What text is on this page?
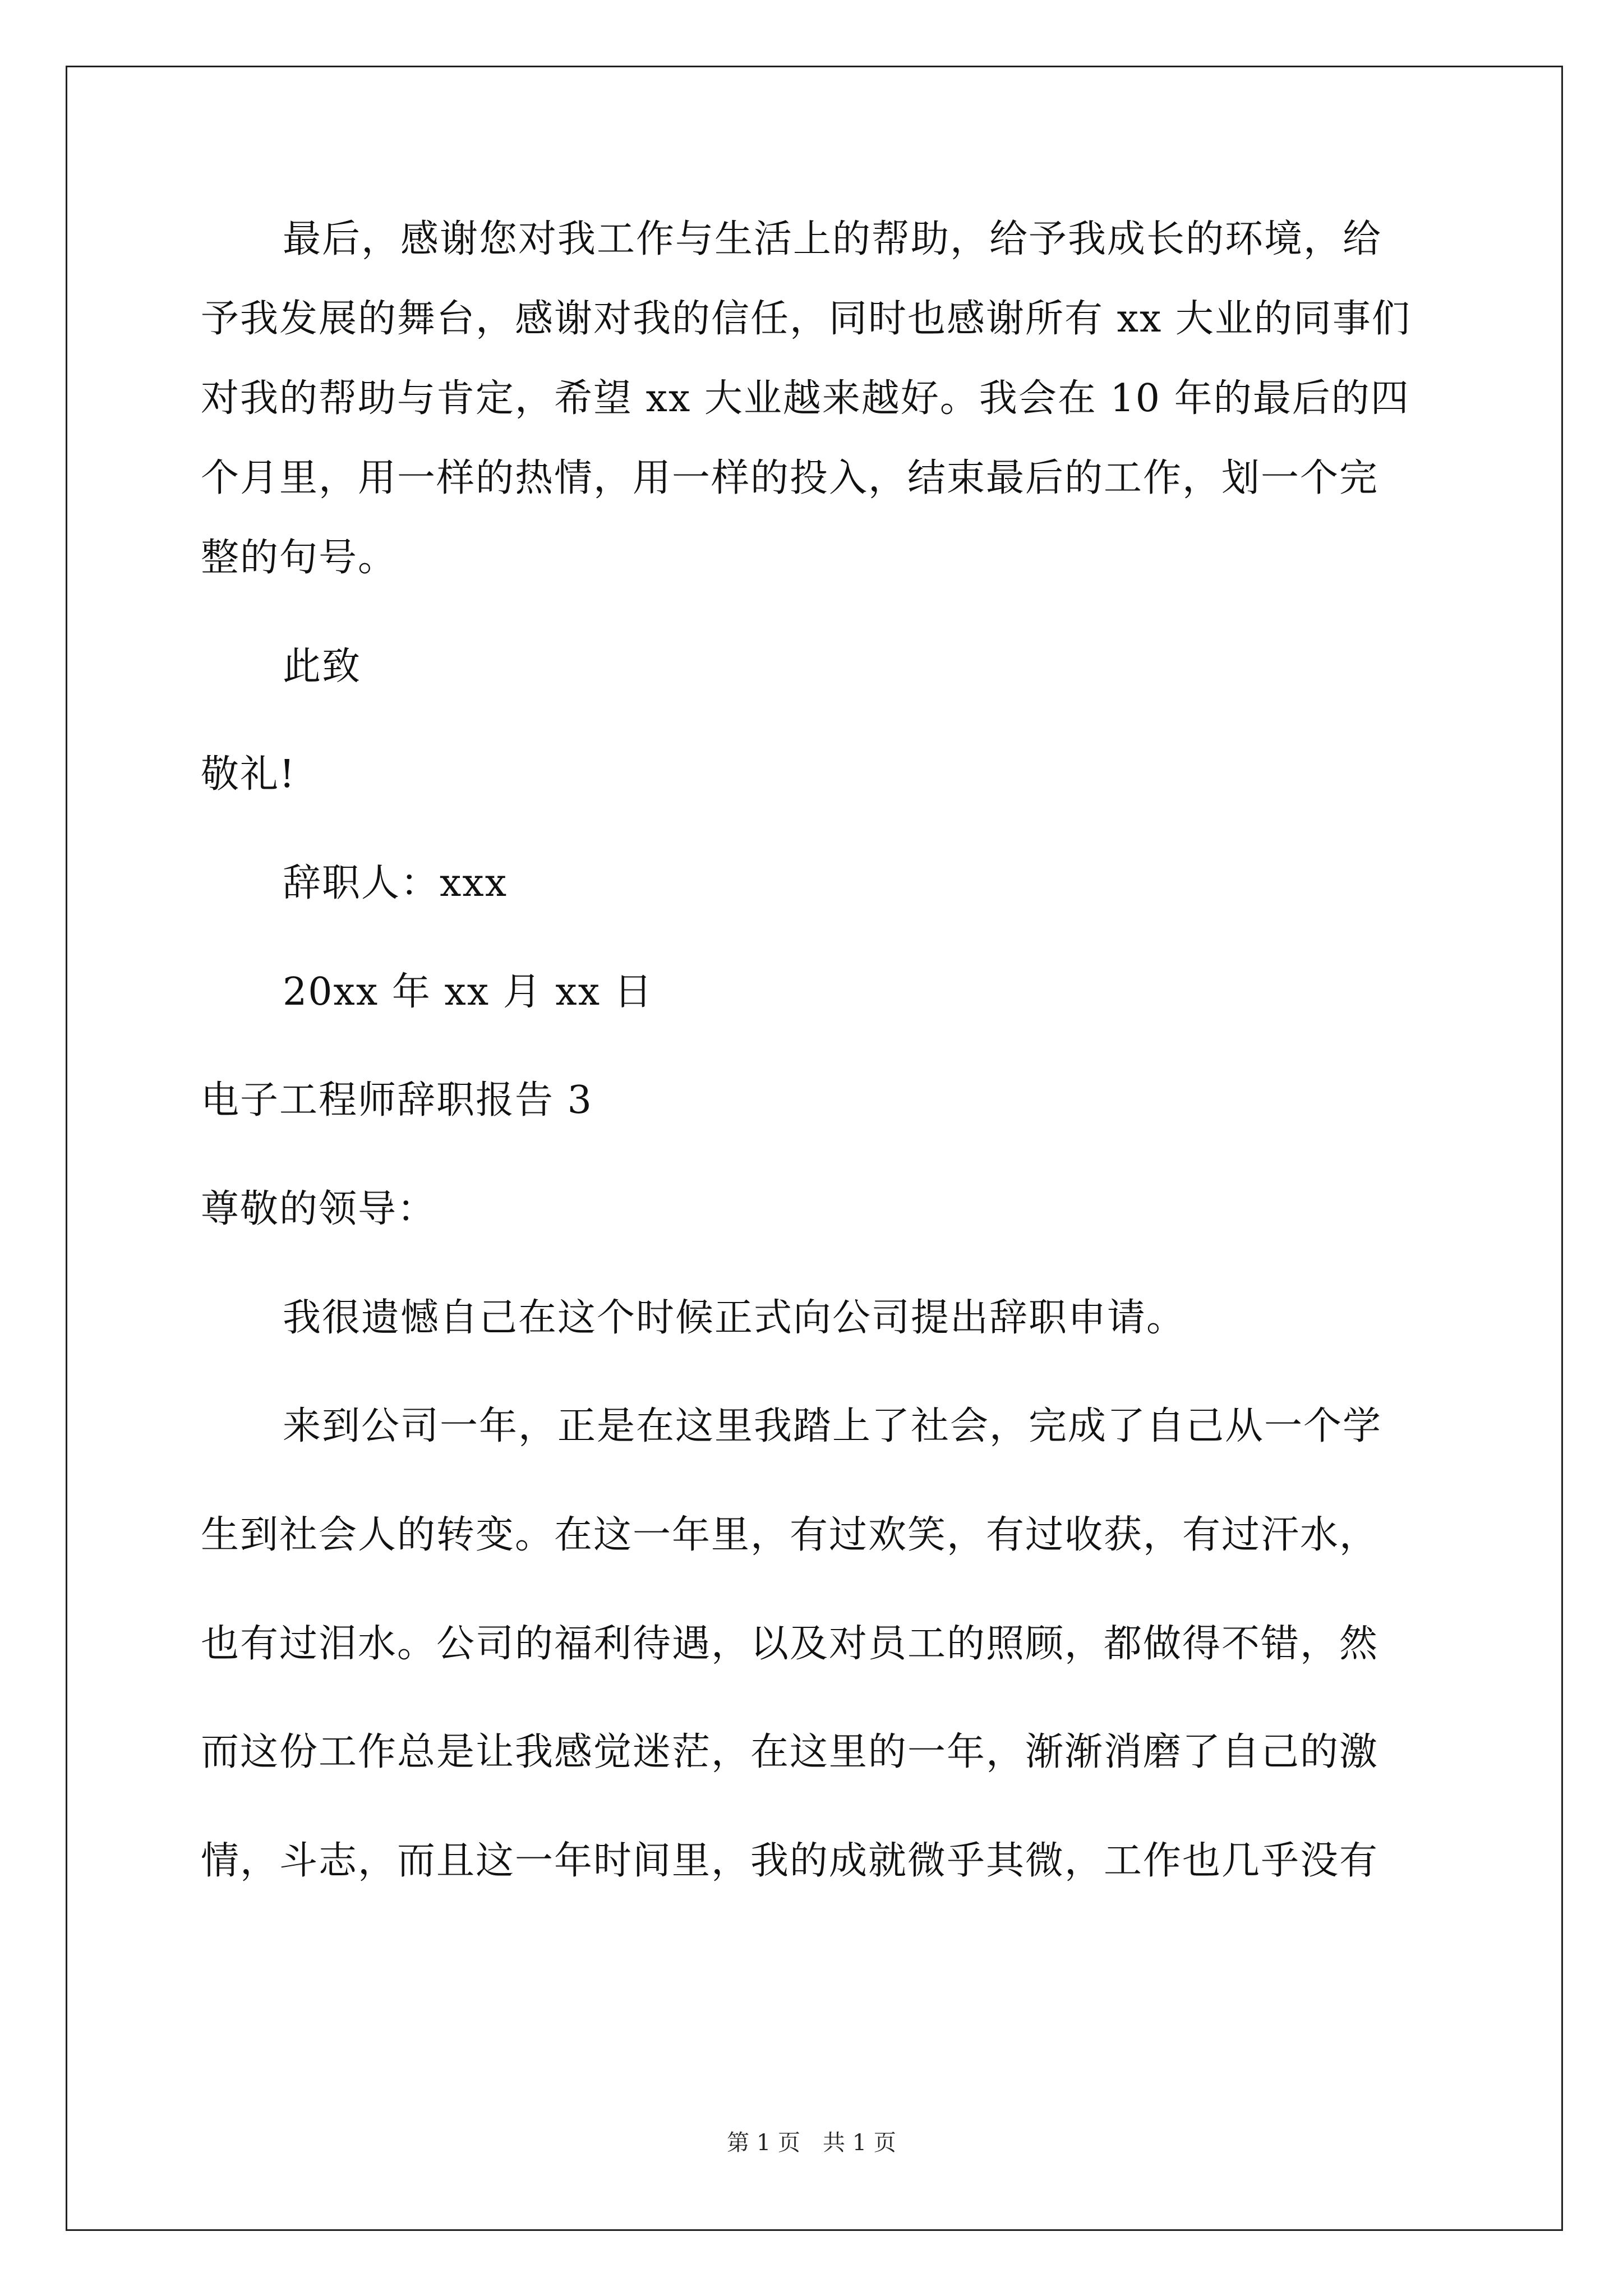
最后，感谢您对我工作与生活上的帮助，给予我成长的环境，给
予我发展的舞台，感谢对我的信任，同时也感谢所有 xx 大业的同事们
对我的帮助与肯定，希望 xx 大业越来越好。我会在 10 年的最后的四
个月里，用一样的热情，用一样的投入，结束最后的工作，划一个完
整的句号。
此致
敬礼!
辞职人：xxx
20xx 年 xx 月 xx 日
电子工程师辞职报告 3
尊敬的领导：
我很遗憾自己在这个时候正式向公司提出辞职申请。
来到公司一年，正是在这里我踏上了社会，完成了自己从一个学
生到社会人的转变。在这一年里，有过欢笑，有过收获，有过汗水，
也有过泪水。公司的福利待遇，以及对员工的照顾，都做得不错，然
而这份工作总是让我感觉迷茫，在这里的一年，渐渐消磨了自己的激
情，斗志，而且这一年时间里，我的成就微乎其微，工作也几乎没有
第 1 页　共 1 页
